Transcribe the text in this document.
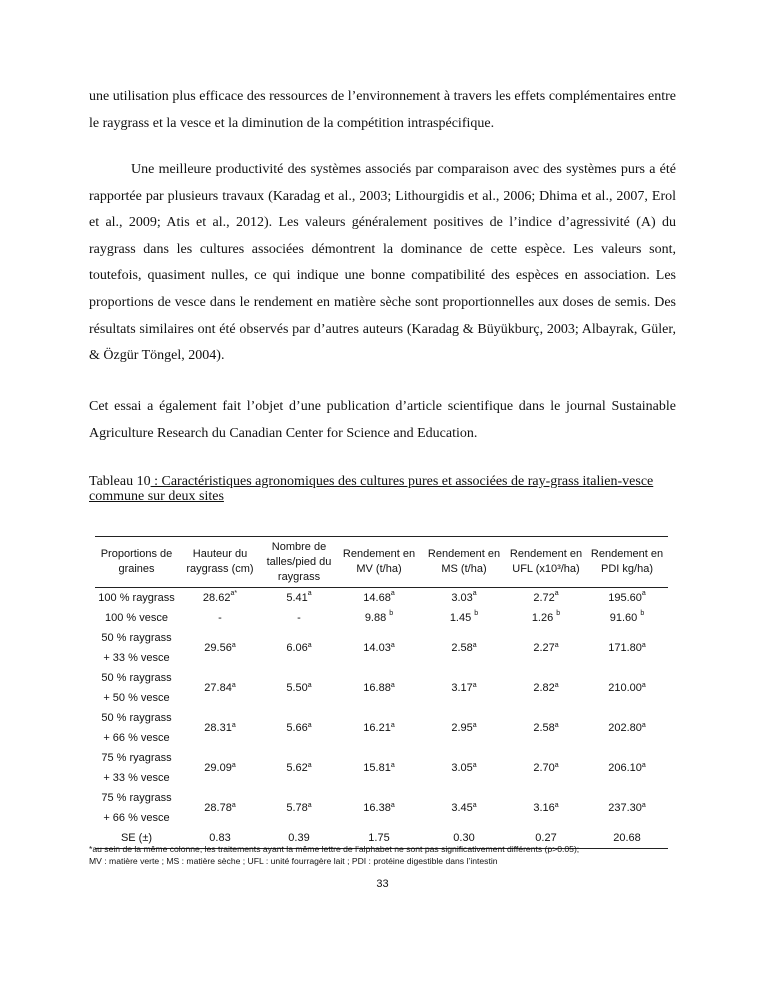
une utilisation plus efficace des ressources de l’environnement à travers les effets complémentaires entre le raygrass et la vesce et la diminution de la compétition intraspécifique.

Une meilleure productivité des systèmes associés par comparaison avec des systèmes purs a été rapportée par plusieurs travaux (Karadag et al., 2003; Lithourgidis et al., 2006; Dhima et al., 2007, Erol et al., 2009; Atis et al., 2012). Les valeurs généralement positives de l’indice d’agressivité (A) du raygrass dans les cultures associées démontrent la dominance de cette espèce. Les valeurs sont, toutefois, quasiment nulles, ce qui indique une bonne compatibilité des espèces en association. Les proportions de vesce dans le rendement en matière sèche sont proportionnelles aux doses de semis. Des résultats similaires ont été observés par d’autres auteurs (Karadag & Büyükburç, 2003; Albayrak, Güler, & Özgür Töngel, 2004).

Cet essai a également fait l’objet d’une publication d’article scientifique dans le journal Sustainable Agriculture Research du Canadian Center for Science and Education.

Tableau 10 : Caractéristiques agronomiques des cultures pures et associées de ray-grass italien-vesce commune sur deux sites
Proportions de graines	Hauteur du raygrass (cm)	Nombre de talles/pied du raygrass	Rendement en MV (t/ha)	Rendement en MS (t/ha)	Rendement en UFL (x10³/ha)	Rendement en PDI kg/ha)

100 % raygrass	$28.62^{a*}$	5.41$^a$	14.68$^a$	3.03$^a$	2.72$^a$	195.60$^a$

100 % vesce	-	-	9.88 $^b$	1.45 $^b$	1.26 $^b$	91.60 $^b$

50 % raygrass
+ 33 % vesce	29.56$^a$	6.06$^a$	14.03$^a$	2.58$^a$	2.27$^a$	171.80$^a$

50 % raygrass
+ 50 % vesce	27.84$^a$	5.50$^a$	16.88$^a$	3.17$^a$	2.82$^a$	210.00$^a$

50 % raygrass
+ 66 % vesce	28.31$^a$	5.66$^a$	16.21$^a$	2.95$^a$	2.58$^a$	202.80$^a$

75 % ryagrass
+ 33 % vesce	29.09$^a$	5.62$^a$	15.81$^a$	3.05$^a$	2.70$^a$	206.10$^a$

75 % raygrass
+ 66 % vesce	28.78$^a$	5.78$^a$	16.38$^a$	3.45$^a$	3.16$^a$	237.30$^a$
SE (±)	0.83	0.39	1.75	0.30	0.27	20.68
*au sein de la même colonne, les traitements ayant la même lettre de l’alphabet ne sont pas significativement différents (p>0.05);
MV : matière verte ; MS : matière sèche ; UFL : unité fourragère lait ; PDI : protéine digestible dans l’intestin
33
